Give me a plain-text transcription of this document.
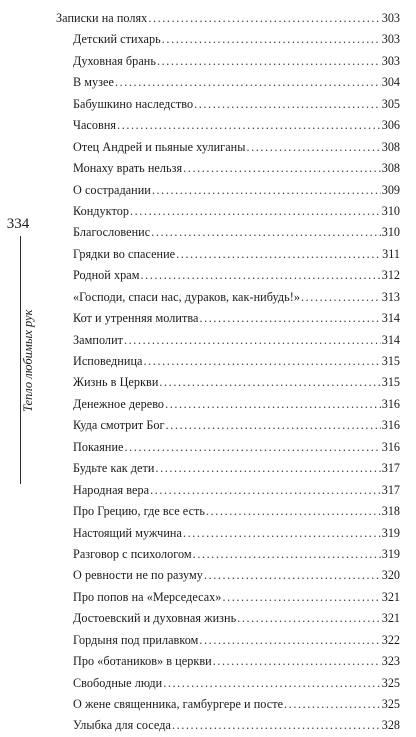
334
Тепло любимых рук
Записки на полях .....	303
Детский стихарь .....	303
Духовная брань .....	303
В музее .....	304
Бабушкино наследство .....	305
Часовня .....	306
Отец Андрей и пьяные хулиганы .....	308
Монаху врать нельзя .....	308
О сострадании .....	309
Кондуктор .....	310
Благословенис .....	310
Грядки во спасение .....	311
Родной храм .....	312
«Господи, спаси нас, дураков, как-нибудь!» .....	313
Кот и утренняя молитва .....	314
Замполит .....	314
Исповедница .....	315
Жизнь в Церкви .....	315
Денежное дерево .....	316
Куда смотрит Бог .....	316
Покаяние .....	316
Будьте как дети .....	317
Народная вера .....	317
Про Грецию, где все есть .....	318
Настоящий мужчина .....	319
Разговор с психологом .....	319
О ревности не по разуму .....	320
Про попов на «Мерседесах» .....	321
Достоевский и духовная жизнь .....	321
Гордыня под прилавком .....	322
Про «ботаников» в церкви .....	323
Свободные люди .....	325
О жене священника, гамбургере и посте .....	325
Улыбка для соседа .....	328
